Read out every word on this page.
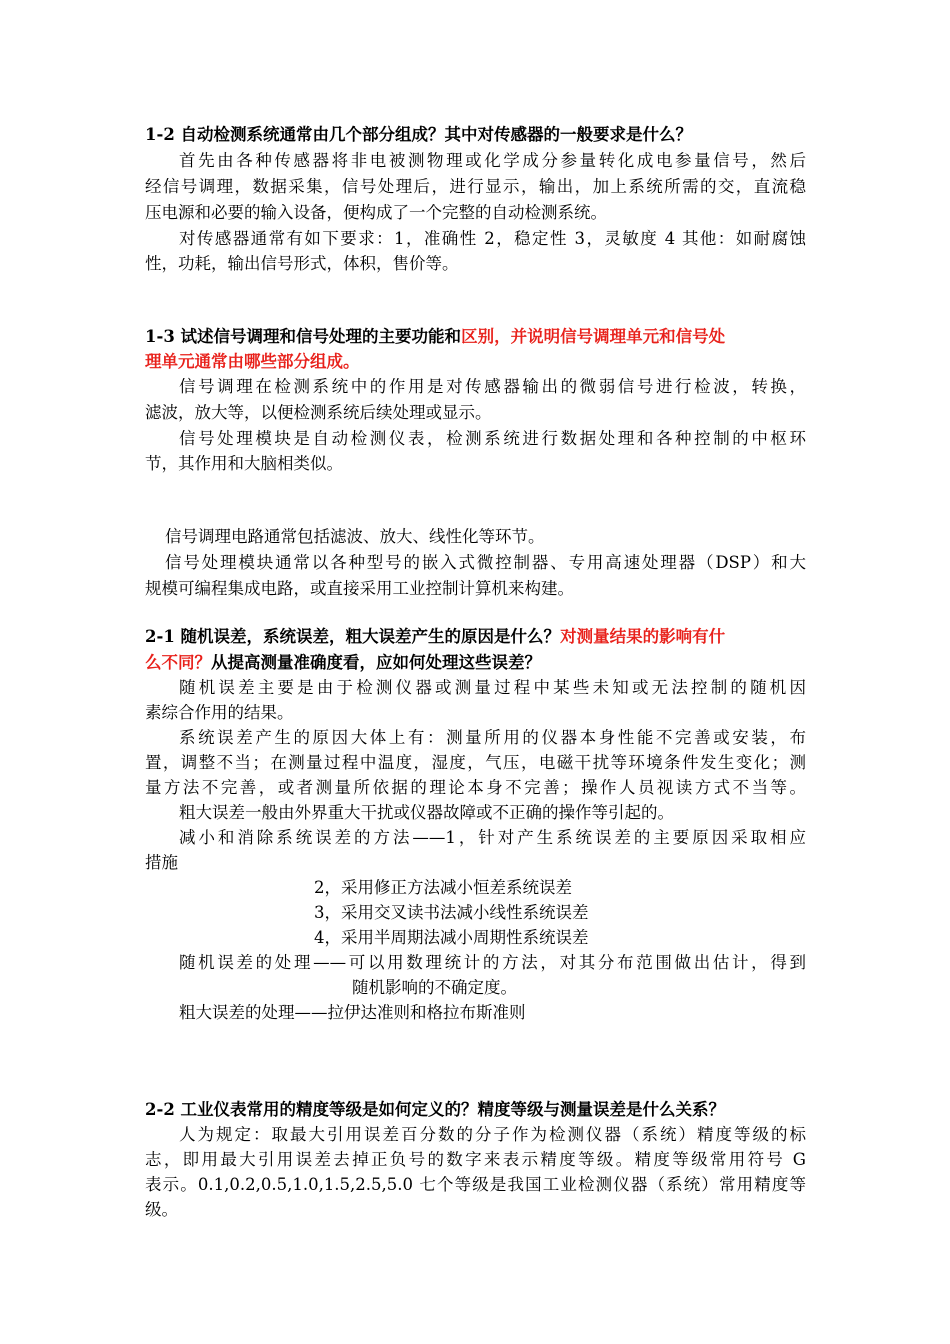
1-2 自动检测系统通常由几个部分组成？其中对传感器的一般要求是什么？
首先由各种传感器将非电被测物理或化学成分参量转化成电参量信号，然后
经信号调理，数据采集，信号处理后，进行显示，输出，加上系统所需的交，直流稳
压电源和必要的输入设备，便构成了一个完整的自动检测系统。
对传感器通常有如下要求：1，准确性 2，稳定性 3，灵敏度 4 其他：如耐腐蚀
性，功耗，输出信号形式，体积，售价等。
1-3 试述信号调理和信号处理的主要功能和区别，并说明信号调理单元和信号处
理单元通常由哪些部分组成。
信号调理在检测系统中的作用是对传感器输出的微弱信号进行检波，转换，
滤波，放大等，以便检测系统后续处理或显示。
信号处理模块是自动检测仪表，检测系统进行数据处理和各种控制的中枢环
节，其作用和大脑相类似。
信号调理电路通常包括滤波、放大、线性化等环节。
信号处理模块通常以各种型号的嵌入式微控制器、专用高速处理器（DSP）和大
规模可编程集成电路，或直接采用工业控制计算机来构建。
2-1 随机误差，系统误差，粗大误差产生的原因是什么？对测量结果的影响有什
么不同？从提高测量准确度看，应如何处理这些误差？
随机误差主要是由于检测仪器或测量过程中某些未知或无法控制的随机因
素综合作用的结果。
系统误差产生的原因大体上有：测量所用的仪器本身性能不完善或安装，布
置，调整不当；在测量过程中温度，湿度，气压，电磁干扰等环境条件发生变化；测
量方法不完善，或者测量所依据的理论本身不完善；操作人员视读方式不当等。
粗大误差一般由外界重大干扰或仪器故障或不正确的操作等引起的。
减小和消除系统误差的方法——1，针对产生系统误差的主要原因采取相应
措施
2，采用修正方法减小恒差系统误差
3，采用交叉读书法减小线性系统误差
4，采用半周期法减小周期性系统误差
随机误差的处理——可以用数理统计的方法，对其分布范围做出估计，得到
随机影响的不确定度。
粗大误差的处理——拉伊达准则和格拉布斯准则
2-2 工业仪表常用的精度等级是如何定义的？精度等级与测量误差是什么关系？
人为规定：取最大引用误差百分数的分子作为检测仪器（系统）精度等级的标
志，即用最大引用误差去掉正负号的数字来表示精度等级。精度等级常用符号 G
表示。0.1,0.2,0.5,1.0,1.5,2.5,5.0 七个等级是我国工业检测仪器（系统）常用精度等
级。
